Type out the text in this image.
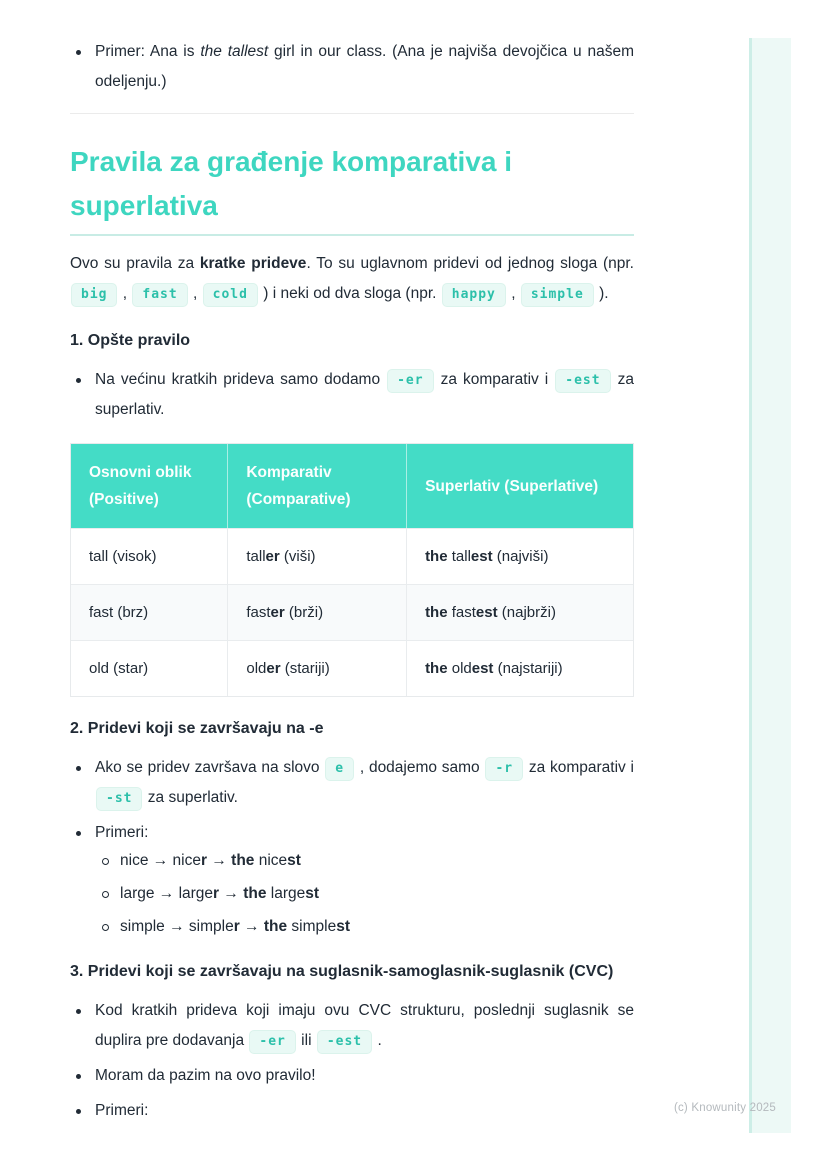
Primer: Ana is the tallest girl in our class. (Ana je najviša devojčica u našem odeljenju.)
Pravila za građenje komparativa i superlativa

Ovo su pravila za kratke prideve. To su uglavnom pridevi od jednog sloga (npr. big , fast , cold ) i neki od dva sloga (npr. happy , simple ).

1. Opšte pravilo
Na većinu kratkih prideva samo dodamo -er za komparativ i -est za superlativ.
Osnovni oblik (Positive)	Komparativ (Comparative)	Superlativ (Superlative)
tall (visok)	taller (viši)	the tallest (najviši)
fast (brz)	faster (brži)	the fastest (najbrži)
old (star)	older (stariji)	the oldest (najstariji)
2. Pridevi koji se završavaju na -e
Ako se pridev završava na slovo e , dodajemo samo -r za komparativ i -st za superlativ.
Primeri:
nice → nicer → the nicest
large → larger → the largest
simple → simpler → the simplest
3. Pridevi koji se završavaju na suglasnik-samoglasnik-suglasnik (CVC)
Kod kratkih prideva koji imaju ovu CVC strukturu, poslednji suglasnik se duplira pre dodavanja -er ili -est .
Moram da pazim na ovo pravilo!
Primeri:	(c) Knowunity 2025
